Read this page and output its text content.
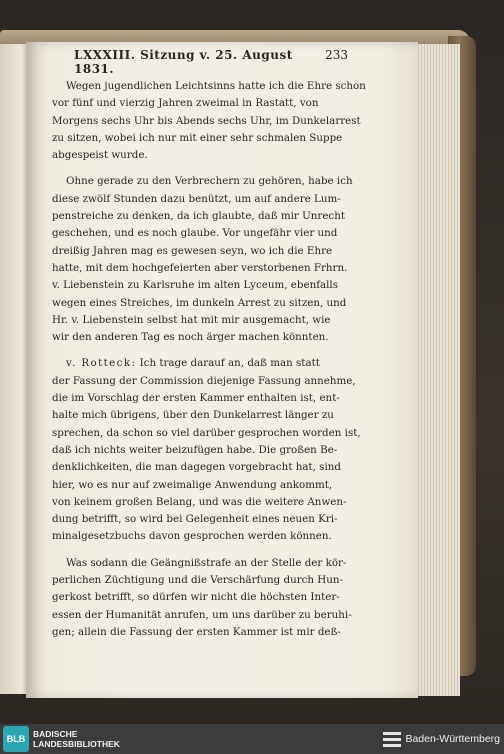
LXXXIII. Sitzung v. 25. August 1831.
233

Wegen jugendlichen Leichtsinns hatte ich die Ehre schon

vor fünf und vierzig Jahren zweimal in Rastatt, von

Morgens sechs Uhr bis Abends sechs Uhr, im Dunkelarrest

zu sitzen, wobei ich nur mit einer sehr schmalen Suppe

abgespeist wurde.

Ohne gerade zu den Verbrechern zu gehören, habe ich

diese zwölf Stunden dazu benützt, um auf andere Lum-

penstreiche zu denken, da ich glaubte, daß mir Unrecht

geschehen, und es noch glaube. Vor ungefähr vier und

dreißig Jahren mag es gewesen seyn, wo ich die Ehre

hatte, mit dem hochgefeierten aber verstorbenen Frhrn.

v. Liebenstein zu Karlsruhe im alten Lyceum, ebenfalls

wegen eines Streiches, im dunkeln Arrest zu sitzen, und

Hr. v. Liebenstein selbst hat mit mir ausgemacht, wie

wir den anderen Tag es noch ärger machen könnten.

v. Rotteck: Ich trage darauf an, daß man statt

der Fassung der Commission diejenige Fassung annehme,

die im Vorschlag der ersten Kammer enthalten ist, ent-

halte mich übrigens, über den Dunkelarrest länger zu

sprechen, da schon so viel darüber gesprochen worden ist,

daß ich nichts weiter beizufügen habe. Die großen Be-

denklichkeiten, die man dagegen vorgebracht hat, sind

hier, wo es nur auf zweimalige Anwendung ankommt,

von keinem großen Belang, und was die weitere Anwen-

dung betrifft, so wird bei Gelegenheit eines neuen Kri-

minalgesetzbuchs davon gesprochen werden können.

Was sodann die Geängnißstrafe an der Stelle der kör-

perlichen Züchtigung und die Verschärfung durch Hun-

gerkost betrifft, so dürfen wir nicht die höchsten Inter-

essen der Humanität anrufen, um uns darüber zu beruhi-

gen; allein die Fassung der ersten Kammer ist mir deß-

BLB BADISCHE
LANDESBIBLIOTHEK	Baden-Württemberg
